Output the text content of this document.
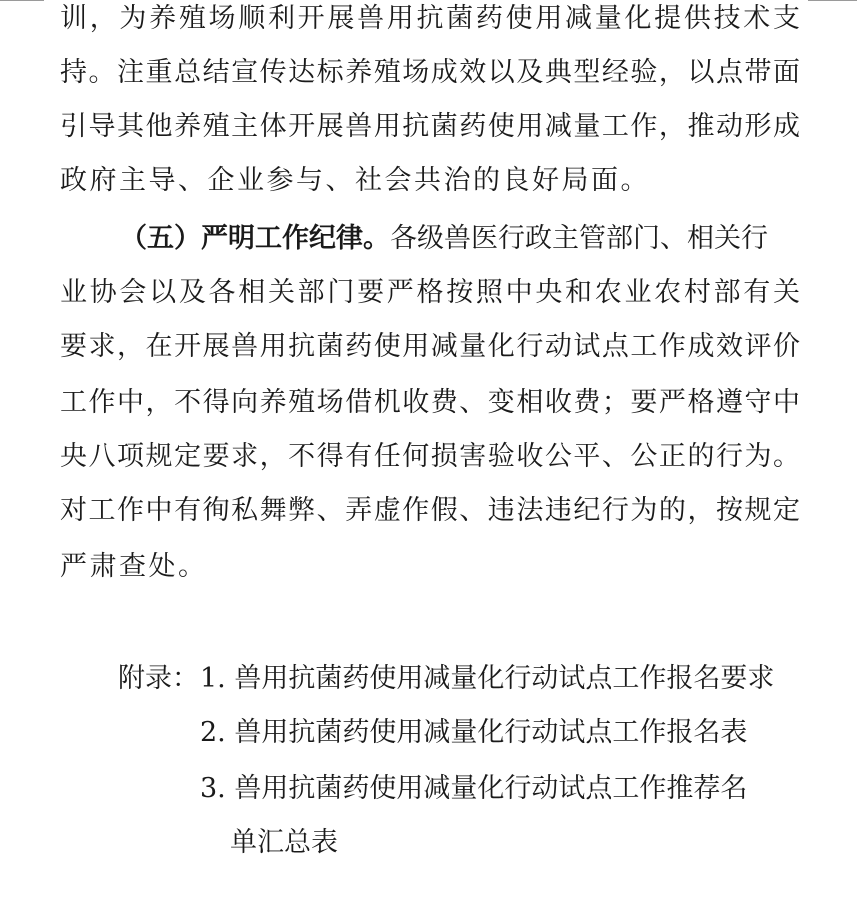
训，为养殖场顺利开展兽用抗菌药使用减量化提供技术支
持。注重总结宣传达标养殖场成效以及典型经验，以点带面
引导其他养殖主体开展兽用抗菌药使用减量工作，推动形成
政府主导、企业参与、社会共治的良好局面。
（五）严明工作纪律。各级兽医行政主管部门、相关行
业协会以及各相关部门要严格按照中央和农业农村部有关
要求，在开展兽用抗菌药使用减量化行动试点工作成效评价
工作中，不得向养殖场借机收费、变相收费；要严格遵守中
央八项规定要求，不得有任何损害验收公平、公正的行为。
对工作中有徇私舞弊、弄虚作假、违法违纪行为的，按规定
严肃查处。
附录： 1. 兽用抗菌药使用减量化行动试点工作报名要求
2. 兽用抗菌药使用减量化行动试点工作报名表
3. 兽用抗菌药使用减量化行动试点工作推荐名
单汇总表
